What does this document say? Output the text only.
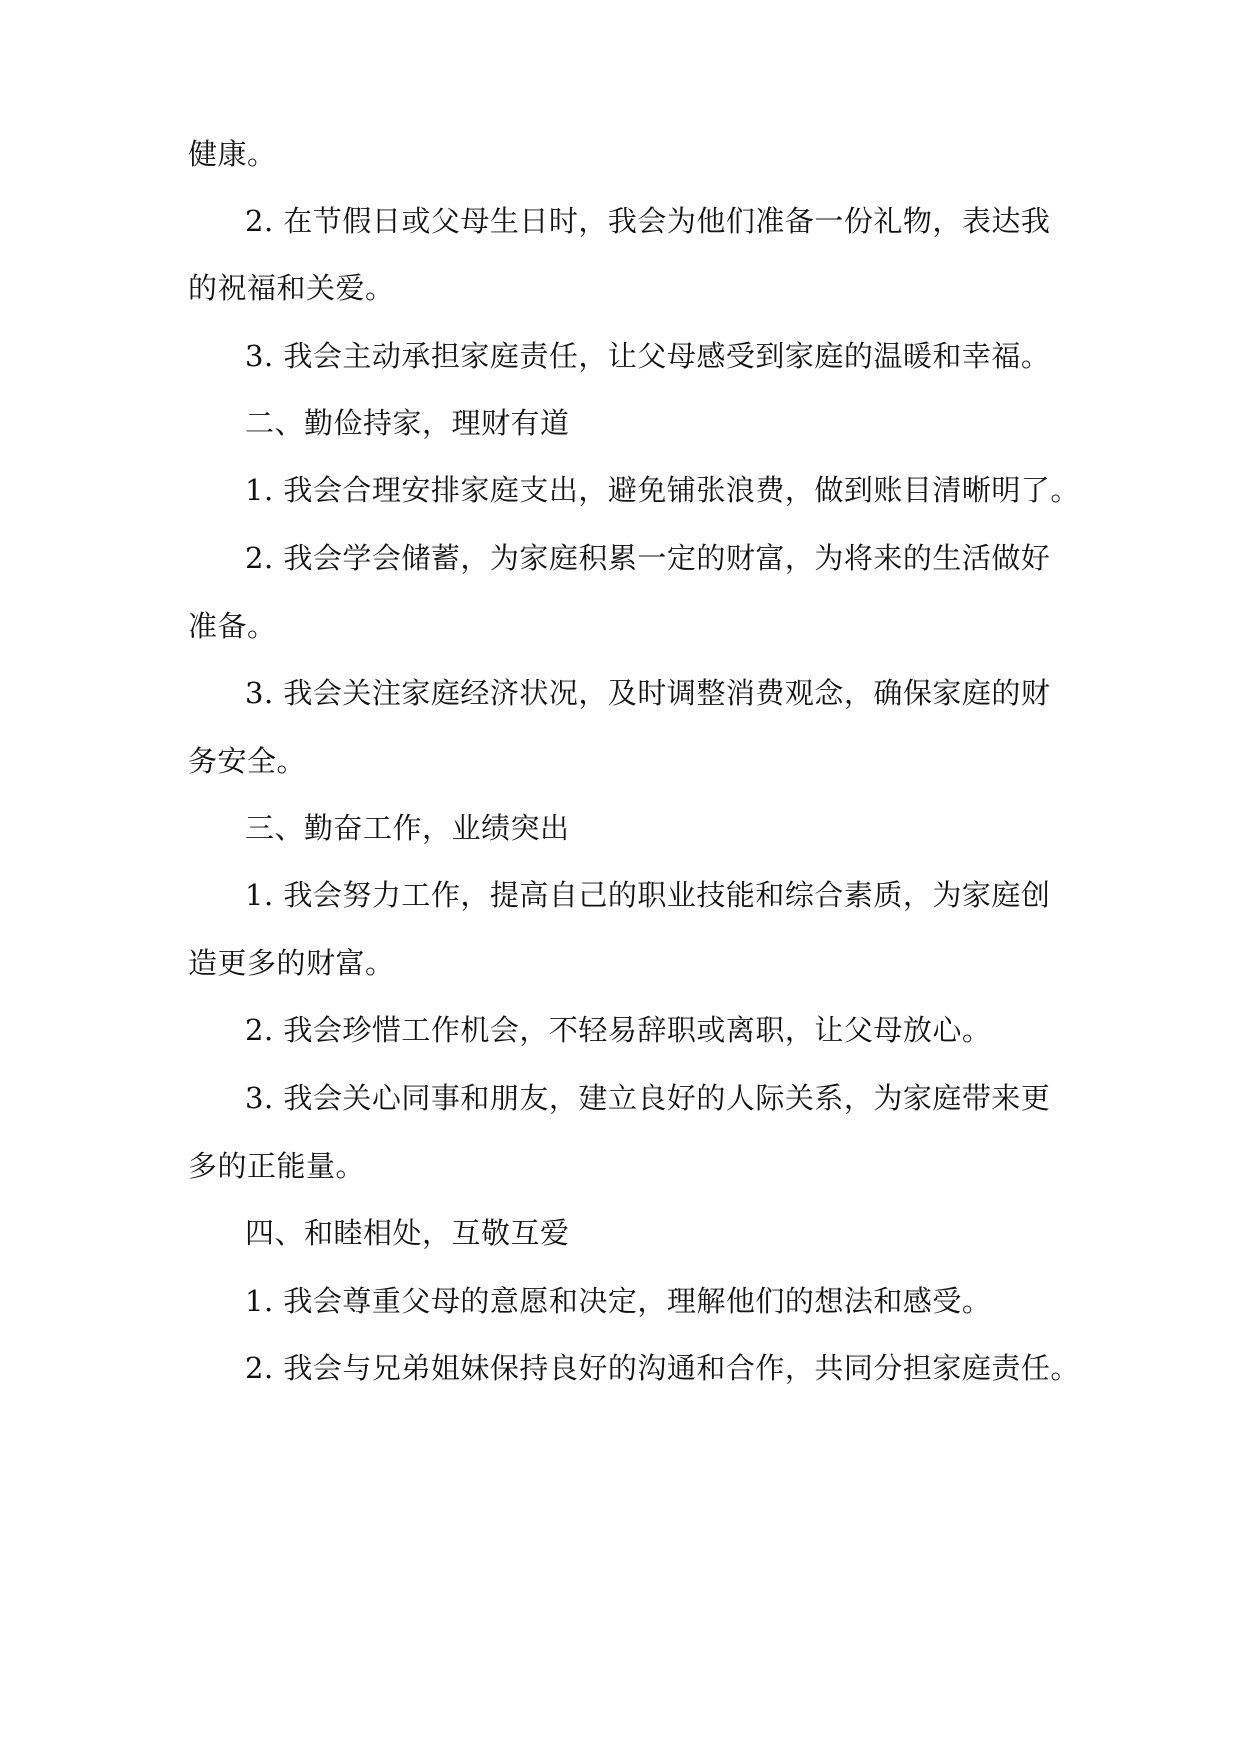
健康。
2. 在节假日或父母生日时，我会为他们准备一份礼物，表达我
的祝福和关爱。
3. 我会主动承担家庭责任，让父母感受到家庭的温暖和幸福。
二、勤俭持家，理财有道
1. 我会合理安排家庭支出，避免铺张浪费，做到账目清晰明了。
2. 我会学会储蓄，为家庭积累一定的财富，为将来的生活做好
准备。
3. 我会关注家庭经济状况，及时调整消费观念，确保家庭的财
务安全。
三、勤奋工作，业绩突出
1. 我会努力工作，提高自己的职业技能和综合素质，为家庭创
造更多的财富。
2. 我会珍惜工作机会，不轻易辞职或离职，让父母放心。
3. 我会关心同事和朋友，建立良好的人际关系，为家庭带来更
多的正能量。
四、和睦相处，互敬互爱
1. 我会尊重父母的意愿和决定，理解他们的想法和感受。
2. 我会与兄弟姐妹保持良好的沟通和合作，共同分担家庭责任。
